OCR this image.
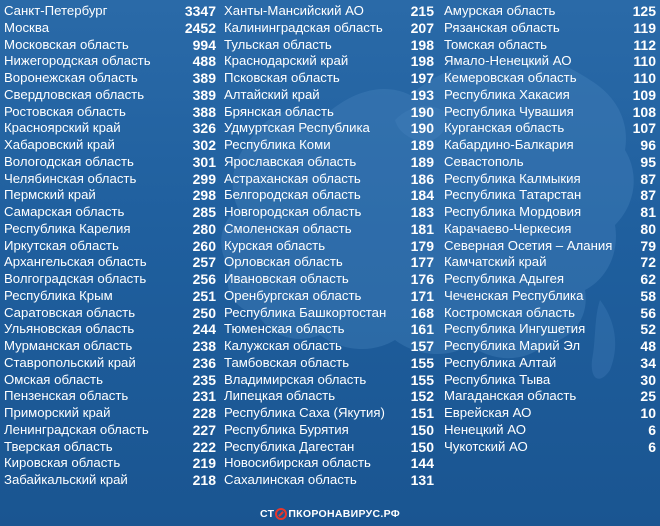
Санкт-Петербург	3347
Москва	2452
Московская область	994
Нижегородская область	488
Воронежская область	389
Свердловская область	389
Ростовская область	388
Красноярский край	326
Хабаровский край	302
Вологодская область	301
Челябинская область	299
Пермский край	298
Самарская область	285
Республика Карелия	280
Иркутская область	260
Архангельская область	257
Волгоградская область	256
Республика Крым	251
Саратовская область	250
Ульяновская область	244
Мурманская область	238
Ставропольский край	236
Омская область	235
Пензенская область	231
Приморский край	228
Ленинградская область	227
Тверская область	222
Кировская область	219
Забайкальский край	218
Ханты-Мансийский АО	215
Калининградская область 207
Тульская область	198
Краснодарский край	198
Псковская область	197
Алтайский край	193
Брянская область	190
Удмуртская Республика	190
Республика Коми	189
Ярославская область	189
Астраханская область	186
Белгородская область	184
Новгородская область	183
Смоленская область	181
Курская область	179
Орловская область	177
Ивановская область	176
Оренбургская область	171
Республика Башкортостан 168
Тюменская область	161
Калужская область	157
Тамбовская область	155
Владимирская область	155
Липецкая область	152
Республика Саха (Якутия) 151
Республика Бурятия	150
Республика Дагестан	150
Новосибирская область	144
Сахалинская область	131
Амурская область	125
Рязанская область	119
Томская область	112
Ямало-Ненецкий АО	110
Кемеровская область	110
Республика Хакасия	109
Республика Чувашия	108
Курганская область	107
Кабардино-Балкария	96
Севастополь	95
Республика Калмыкия	87
Республика Татарстан	87
Республика Мордовия	81
Карачаево-Черкесия	80
Северная Осетия – Алания 79
Камчатский край	72
Республика Адыгея	62
Чеченская Республика	58
Костромская область	56
Республика Ингушетия	52
Республика Марий Эл	48
Республика Алтай	34
Республика Тыва	30
Магаданская область	25
Еврейская АО	10
Ненецкий АО	6
Чукотский АО	6
СТ ПКОРОНАВИРУС.РФ
